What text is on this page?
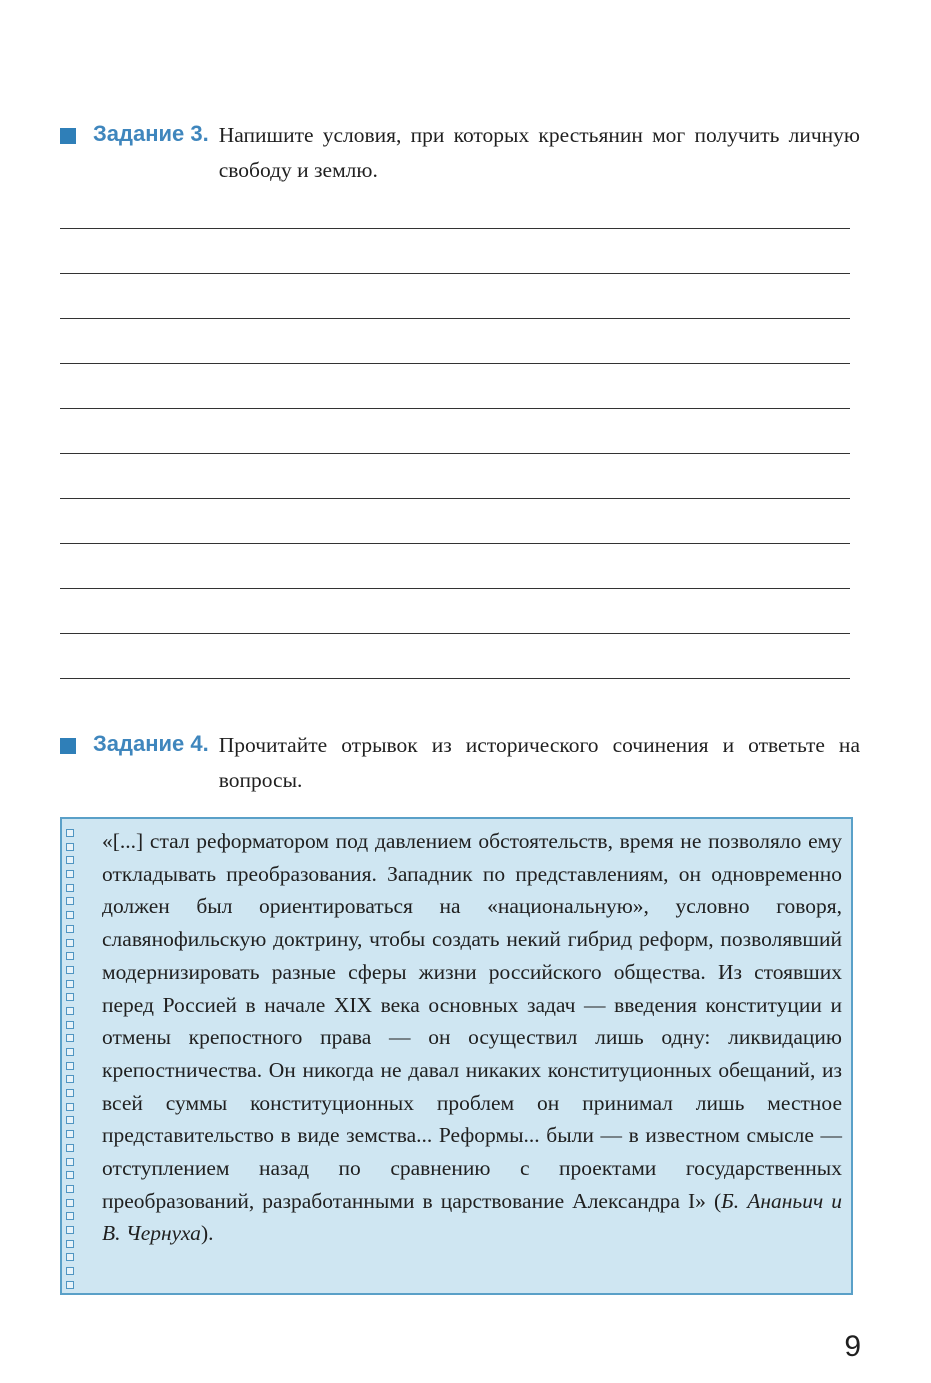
Задание 3. Напишите условия, при которых крестьянин мог получить личную свободу и землю.
Задание 4. Прочитайте отрывок из исторического сочинения и ответьте на вопросы.
«[...] стал реформатором под давлением обстоятельств, время не позволяло ему откладывать преобразования. Западник по представлениям, он одновременно должен был ориентироваться на «национальную», условно говоря, славянофильскую доктрину, чтобы создать некий гибрид реформ, позволявший модернизировать разные сферы жизни российского общества. Из стоявших перед Россией в начале XIX века основных задач — введения конституции и отмены крепостного права — он осуществил лишь одну: ликвидацию крепостничества. Он никогда не давал никаких конституционных обещаний, из всей суммы конституционных проблем он принимал лишь местное представительство в виде земства... Реформы... были — в известном смысле — отступлением назад по сравнению с проектами государственных преобразований, разработанными в царствование Александра I» (Б. Ананьич и В. Чернуха).
9
